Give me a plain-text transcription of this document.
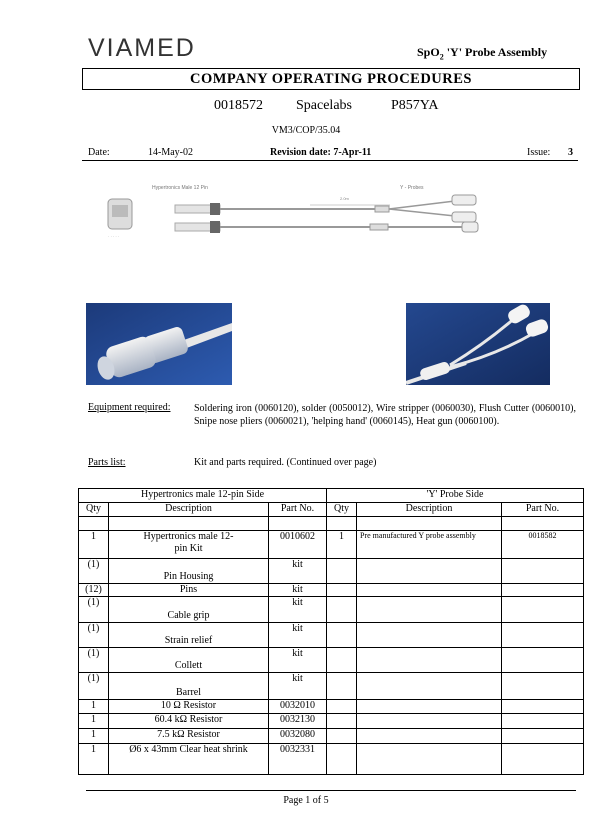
VIAMED	SpO$_2$ 'Y' Probe Assembly
COMPANY OPERATING PROCEDURES
0018572 Spacelabs	P857YA
VM3/COP/35.04
Date:	14-May-02	Revision date: 7-Apr-11	Issue: 3
Hypertronics Male 12 Pin	Y - Probes
2.0m
· · · · ·
Equipment required: Soldering iron (0060120), solder (0050012), Wire stripper (0060030), Flush Cutter (0060010), Snipe nose pliers (0060021), 'helping hand' (0060145), Heat gun (0060100).
Parts list:	Kit and parts required. (Continued over page)
Hypertronics male 12-pin Side			'Y' Probe Side		
Qty	Description	Part No.	Qty	Description	Part No.

1	Hypertronics male 12-pin Kit	0010602	1	Pre manufactured Y probe assembly	0018582
(1)	Pin Housing	kit			
(12)	Pins	kit			
(1)	Cable grip	kit			
(1)	Strain relief	kit			
(1)	Collett	kit			
(1)	Barrel	kit			
1	10 Ω Resistor	0032010			
1	60.4 kΩ Resistor	0032130			
1	7.5 kΩ Resistor	0032080			
1	Ø6 x 43mm Clear heat shrink	0032331			
Page 1 of 5
